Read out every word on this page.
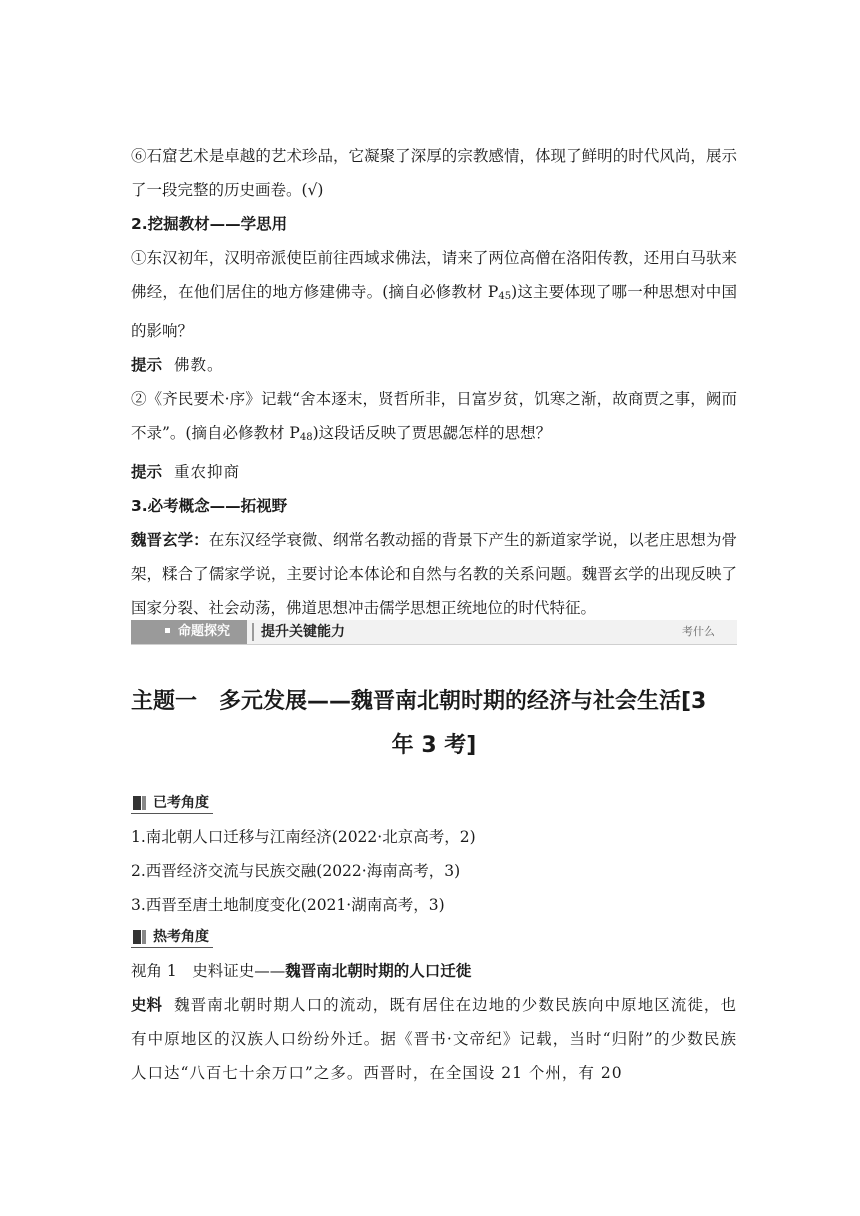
⑥石窟艺术是卓越的艺术珍品，它凝聚了深厚的宗教感情，体现了鲜明的时代风尚，展示了一段完整的历史画卷。(√)
2.挖掘教材——学思用
①东汉初年，汉明帝派使臣前往西域求佛法，请来了两位高僧在洛阳传教，还用白马驮来佛经，在他们居住的地方修建佛寺。(摘自必修教材 $P_{45}$)这主要体现了哪一种思想对中国的影响？
提示 佛教。
②《齐民要术·序》记载“舍本逐末，贤哲所非，日富岁贫，饥寒之渐，故商贾之事，阙而不录”。(摘自必修教材 $P_{48}$)这段话反映了贾思勰怎样的思想？
提示 重农抑商
3.必考概念——拓视野
魏晋玄学：在东汉经学衰微、纲常名教动摇的背景下产生的新道家学说，以老庄思想为骨架，糅合了儒家学说，主要讨论本体论和自然与名教的关系问题。魏晋玄学的出现反映了国家分裂、社会动荡，佛道思想冲击儒学思想正统地位的时代特征。
命题探究	提升关键能力	考什么
主题一　多元发展——魏晋南北朝时期的经济与社会生活[3
年 3 考]
已考角度
1.南北朝人口迁移与江南经济(2022·北京高考，2)
2.西晋经济交流与民族交融(2022·海南高考，3)
3.西晋至唐土地制度变化(2021·湖南高考，3)
热考角度
视角 1　史料证史——魏晋南北朝时期的人口迁徙
史料 魏晋南北朝时期人口的流动，既有居住在边地的少数民族向中原地区流徙，也有中原地区的汉族人口纷纷外迁。据《晋书·文帝纪》记载，当时“归附”的少数民族人口达“八百七十余万口”之多。西晋时，在全国设 21 个州，有 20
